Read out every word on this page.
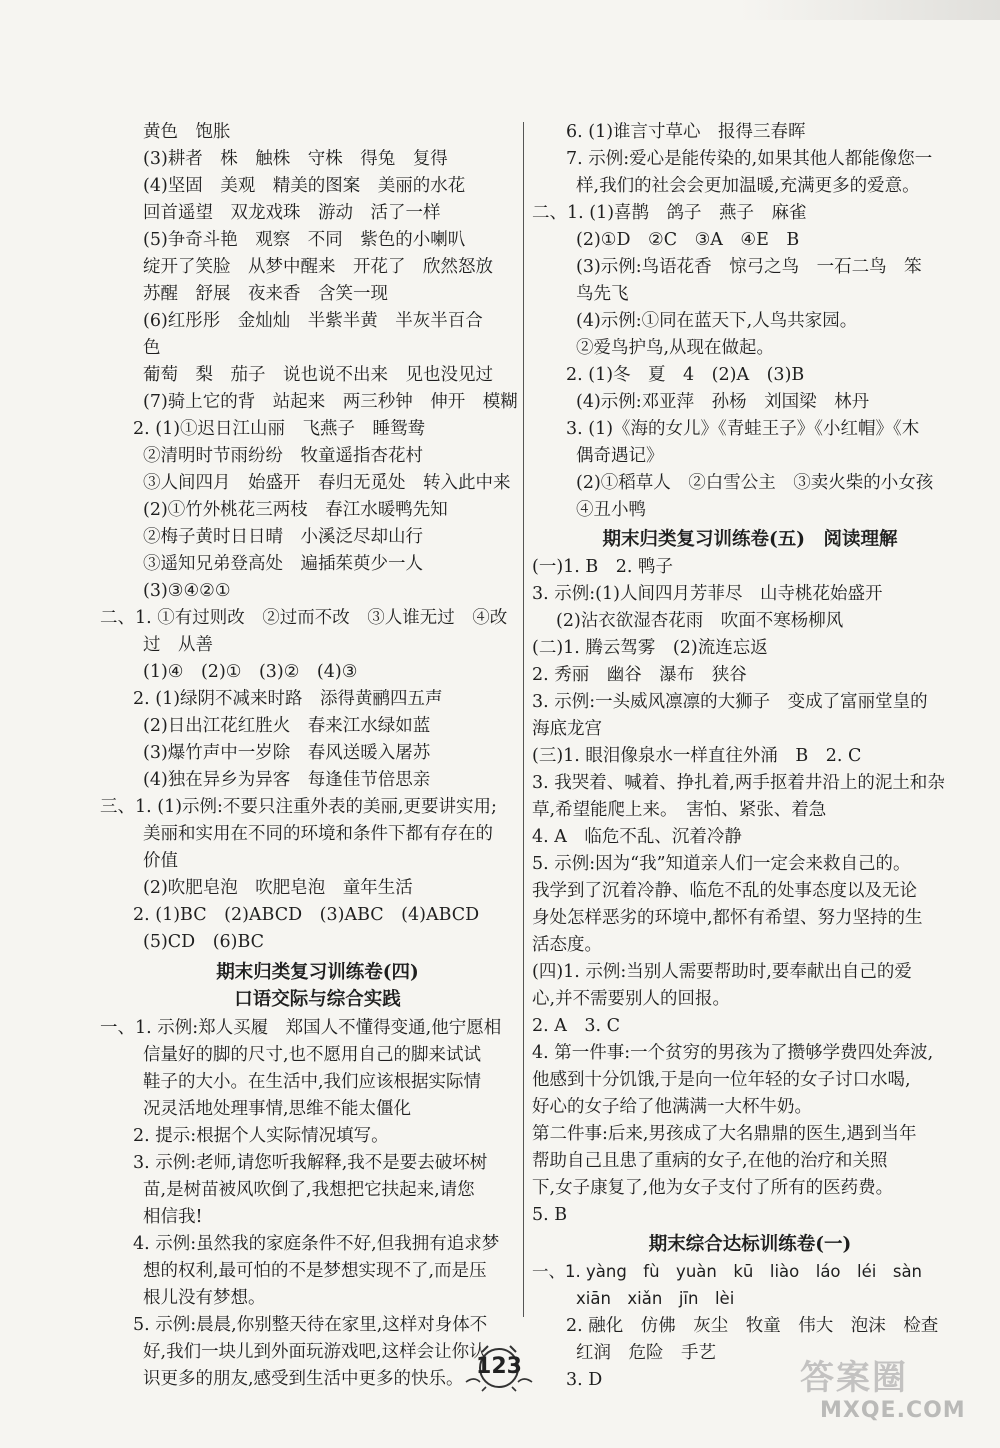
黄色　饱胀
(3)耕者　株　触株　守株　得兔　复得
(4)坚固　美观　精美的图案　美丽的水花
回首遥望　双龙戏珠　游动　活了一样
(5)争奇斗艳　观察　不同　紫色的小喇叭
绽开了笑脸　从梦中醒来　开花了　欣然怒放
苏醒　舒展　夜来香　含笑一现
(6)红彤彤　金灿灿　半紫半黄　半灰半百合
色
葡萄　梨　茄子　说也说不出来　见也没见过
(7)骑上它的背　站起来　两三秒钟　伸开　模糊
2. (1)①迟日江山丽　飞燕子　睡鸳鸯
②清明时节雨纷纷　牧童遥指杏花村
③人间四月　始盛开　春归无觅处　转入此中来
(2)①竹外桃花三两枝　春江水暖鸭先知
②梅子黄时日日晴　小溪泛尽却山行
③遥知兄弟登高处　遍插茱萸少一人
(3)③④②①
二、1. ①有过则改　②过而不改　③人谁无过　④改
过　从善
(1)④　(2)①　(3)②　(4)③
2. (1)绿阴不减来时路　添得黄鹂四五声
(2)日出江花红胜火　春来江水绿如蓝
(3)爆竹声中一岁除　春风送暖入屠苏
(4)独在异乡为异客　每逢佳节倍思亲
三、1. (1)示例:不要只注重外表的美丽,更要讲实用;
美丽和实用在不同的环境和条件下都有存在的
价值
(2)吹肥皂泡　吹肥皂泡　童年生活
2. (1)BC　(2)ABCD　(3)ABC　(4)ABCD
(5)CD　(6)BC
期末归类复习训练卷(四)
口语交际与综合实践
一、1. 示例:郑人买履　郑国人不懂得变通,他宁愿相
信量好的脚的尺寸,也不愿用自己的脚来试试
鞋子的大小。在生活中,我们应该根据实际情
况灵活地处理事情,思维不能太僵化
2. 提示:根据个人实际情况填写。
3. 示例:老师,请您听我解释,我不是要去破坏树
苗,是树苗被风吹倒了,我想把它扶起来,请您
相信我!
4. 示例:虽然我的家庭条件不好,但我拥有追求梦
想的权利,最可怕的不是梦想实现不了,而是压
根儿没有梦想。
5. 示例:晨晨,你别整天待在家里,这样对身体不
好,我们一块儿到外面玩游戏吧,这样会让你认
识更多的朋友,感受到生活中更多的快乐。
6. (1)谁言寸草心　报得三春晖
7. 示例:爱心是能传染的,如果其他人都能像您一
样,我们的社会会更加温暖,充满更多的爱意。
二、1. (1)喜鹊　鸽子　燕子　麻雀
(2)①D　②C　③A　④E　B
(3)示例:鸟语花香　惊弓之鸟　一石二鸟　笨
鸟先飞
(4)示例:①同在蓝天下,人鸟共家园。
②爱鸟护鸟,从现在做起。
2. (1)冬　夏　4　(2)A　(3)B
(4)示例:邓亚萍　孙杨　刘国梁　林丹
3. (1)《海的女儿》《青蛙王子》《小红帽》《木
偶奇遇记》
(2)①稻草人　②白雪公主　③卖火柴的小女孩
④丑小鸭
期末归类复习训练卷(五)　阅读理解
(一)1. B　2. 鸭子
3. 示例:(1)人间四月芳菲尽　山寺桃花始盛开
(2)沾衣欲湿杏花雨　吹面不寒杨柳风
(二)1. 腾云驾雾　(2)流连忘返
2. 秀丽　幽谷　瀑布　狭谷
3. 示例:一头威风凛凛的大狮子　变成了富丽堂皇的
海底龙宫
(三)1. 眼泪像泉水一样直往外涌　B　2. C
3. 我哭着、喊着、挣扎着,两手抠着井沿上的泥土和杂
草,希望能爬上来。　害怕、紧张、着急
4. A　临危不乱、沉着冷静
5. 示例:因为“我”知道亲人们一定会来救自己的。
我学到了沉着冷静、临危不乱的处事态度以及无论
身处怎样恶劣的环境中,都怀有希望、努力坚持的生
活态度。
(四)1. 示例:当别人需要帮助时,要奉献出自己的爱
心,并不需要别人的回报。
2. A　3. C
4. 第一件事:一个贫穷的男孩为了攒够学费四处奔波,
他感到十分饥饿,于是向一位年轻的女子讨口水喝,
好心的女子给了他满满一大杯牛奶。
第二件事:后来,男孩成了大名鼎鼎的医生,遇到当年
帮助自己且患了重病的女子,在他的治疗和关照
下,女子康复了,他为女子支付了所有的医药费。
5. B
期末综合达标训练卷(一)
一、1. yàng　fù　yuàn　kū　liào　láo　léi　sàn
xiān　xiǎn　jīn　lèi
2. 融化　仿佛　灰尘　牧童　伟大　泡沫　检查
红润　危险　手艺
3. D
123	答案圈
MXQE.COM
